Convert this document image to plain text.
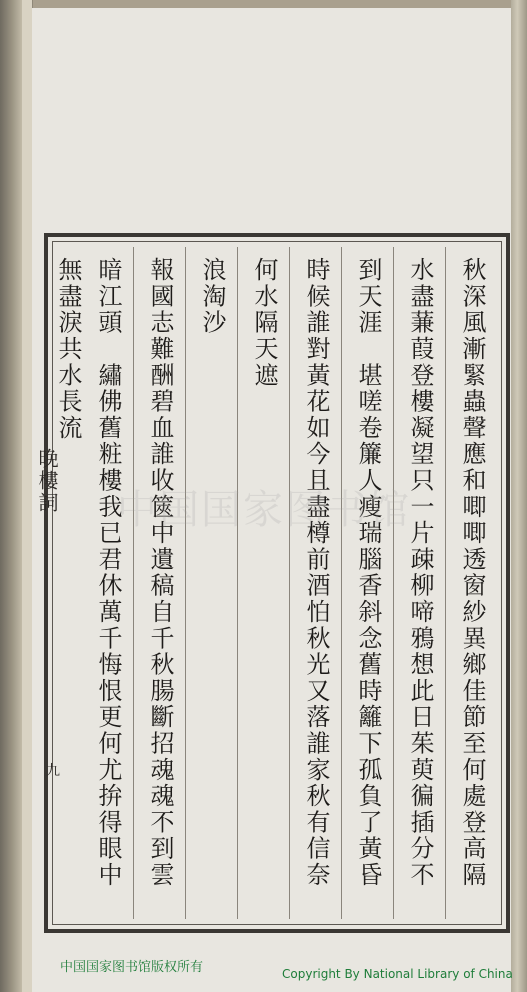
秋深風漸緊蟲聲應和唧唧透窗紗異鄉佳節至何處登高隔
水盡蒹葭登樓凝望只一片疎柳啼鴉想此日茱萸徧插分不
到天涯　堪嗟卷簾人瘦瑞腦香斜念舊時籬下孤負了黃昏
時候誰對黃花如今且盡樽前酒怕秋光又落誰家秋有信奈
何水隔天遮
浪淘沙
報國志難酬碧血誰收篋中遺稿自千秋腸斷招魂魂不到雲
暗江頭　繡佛舊粧樓我已君休萬千悔恨更何尤拚得眼中
無盡淚共水長流
晚樓詞
九
中国国家图书馆
中国国家图书馆版权所有	Copyright By National Library of China
